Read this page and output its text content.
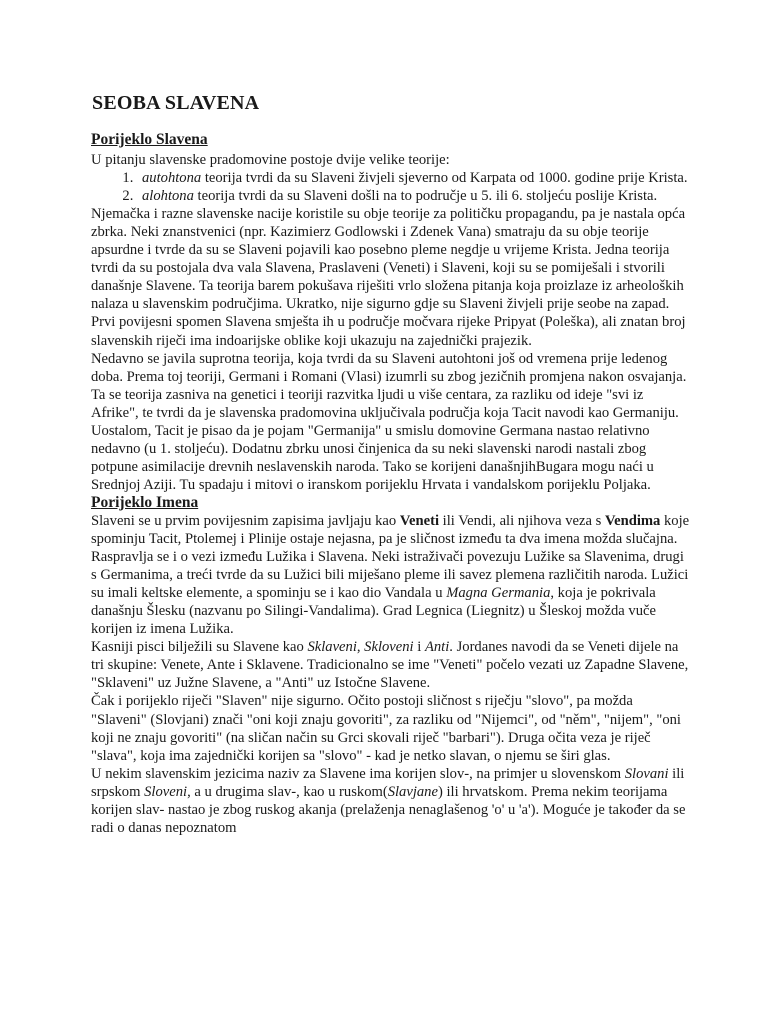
SEOBA SLAVENA
Porijeklo Slavena

U pitanju slavenske pradomovine postoje dvije velike teorije:

1. autohtona teorija tvrdi da su Slaveni živjeli sjeverno od Karpata od 1000. godine prije Krista.
2. alohtona teorija tvrdi da su Slaveni došli na to područje u 5. ili 6. stoljeću poslije Krista.

Njemačka i razne slavenske nacije koristile su obje teorije za političku propagandu, pa je nastala opća zbrka. Neki znanstvenici (npr. Kazimierz Godlowski i Zdenek Vana) smatraju da su obje teorije apsurdne i tvrde da su se Slaveni pojavili kao posebno pleme negdje u vrijeme Krista. Jedna teorija tvrdi da su postojala dva vala Slavena, Praslaveni (Veneti) i Slaveni, koji su se pomiješali i stvorili današnje Slavene. Ta teorija barem pokušava riješiti vrlo složena pitanja koja proizlaze iz arheoloških nalaza u slavenskim područjima. Ukratko, nije sigurno gdje su Slaveni živjeli prije seobe na zapad. Prvi povijesni spomen Slavena smješta ih u područje močvara rijeke Pripyat (Poleška), ali znatan broj slavenskih riječi ima indoarijske oblike koji ukazuju na zajednički prajezik.

Nedavno se javila suprotna teorija, koja tvrdi da su Slaveni autohtoni još od vremena prije ledenog doba. Prema toj teoriji, Germani i Romani (Vlasi) izumrli su zbog jezičnih promjena nakon osvajanja. Ta se teorija zasniva na genetici i teoriji razvitka ljudi u više centara, za razliku od ideje "svi iz Afrike", te tvrdi da je slavenska pradomovina uključivala područja koja Tacit navodi kao Germaniju. Uostalom, Tacit je pisao da je pojam "Germanija" u smislu domovine Germana nastao relativno nedavno (u 1. stoljeću). Dodatnu zbrku unosi činjenica da su neki slavenski narodi nastali zbog potpune asimilacije drevnih neslavenskih naroda. Tako se korijeni današnjihBugara mogu naći u Srednjoj Aziji. Tu spadaju i mitovi o iranskom porijeklu Hrvata i vandalskom porijeklu Poljaka.

Porijeklo Imena

Slaveni se u prvim povijesnim zapisima javljaju kao Veneti ili Vendi, ali njihova veza s Vendima koje spominju Tacit, Ptolemej i Plinije ostaje nejasna, pa je sličnost između ta dva imena možda slučajna.

Raspravlja se i o vezi između Lužika i Slavena. Neki istraživači povezuju Lužike sa Slavenima, drugi s Germanima, a treći tvrde da su Lužici bili miješano pleme ili savez plemena različitih naroda. Lužici su imali keltske elemente, a spominju se i kao dio Vandala u Magna Germania, koja je pokrivala današnju Šlesku (nazvanu po Silingi-Vandalima). Grad Legnica (Liegnitz) u Šleskoj možda vuče korijen iz imena Lužika.

Kasniji pisci bilježili su Slavene kao Sklaveni, Skloveni i Anti. Jordanes navodi da se Veneti dijele na tri skupine: Venete, Ante i Sklavene. Tradicionalno se ime "Veneti" počelo vezati uz Zapadne Slavene, "Sklaveni" uz Južne Slavene, a "Anti" uz Istočne Slavene.

Čak i porijeklo riječi "Slaven" nije sigurno. Očito postoji sličnost s riječju "slovo", pa možda "Slaveni" (Slovjani) znači "oni koji znaju govoriti", za razliku od "Nijemci", od "něm", "nijem", "oni koji ne znaju govoriti" (na sličan način su Grci skovali riječ "barbari"). Druga očita veza je riječ "slava", koja ima zajednički korijen sa "slovo" - kad je netko slavan, o njemu se širi glas.

U nekim slavenskim jezicima naziv za Slavene ima korijen slov-, na primjer u slovenskom Slovani ili srpskom Sloveni, a u drugima slav-, kao u ruskom(Slavjane) ili hrvatskom. Prema nekim teorijama korijen slav- nastao je zbog ruskog akanja (prelaženja nenaglašenog 'o' u 'a'). Moguće je također da se radi o danas nepoznatom
